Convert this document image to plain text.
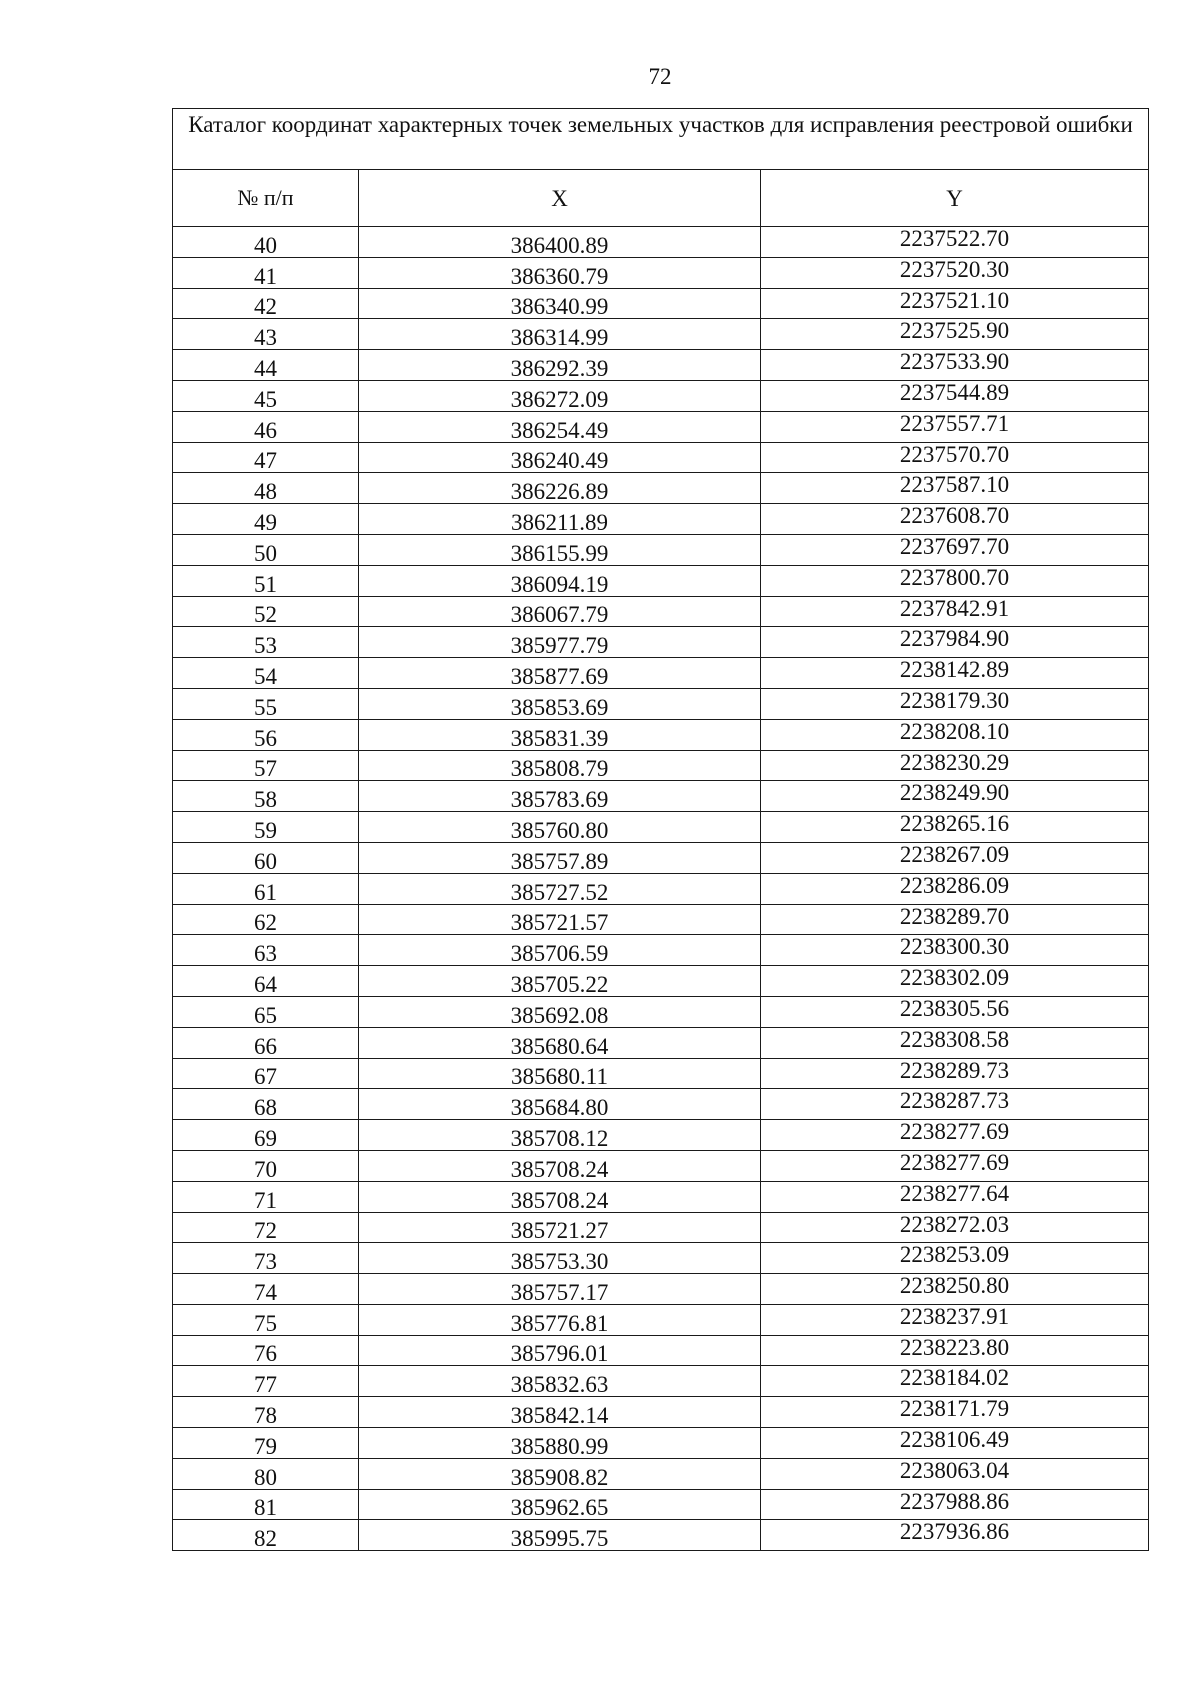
72
Каталог координат характерных точек земельных участков для исправления реестровой ошибки		
№ п/п	X	Y
40	386400.89	2237522.70
41	386360.79	2237520.30
42	386340.99	2237521.10
43	386314.99	2237525.90
44	386292.39	2237533.90
45	386272.09	2237544.89
46	386254.49	2237557.71
47	386240.49	2237570.70
48	386226.89	2237587.10
49	386211.89	2237608.70
50	386155.99	2237697.70
51	386094.19	2237800.70
52	386067.79	2237842.91
53	385977.79	2237984.90
54	385877.69	2238142.89
55	385853.69	2238179.30
56	385831.39	2238208.10
57	385808.79	2238230.29
58	385783.69	2238249.90
59	385760.80	2238265.16
60	385757.89	2238267.09
61	385727.52	2238286.09
62	385721.57	2238289.70
63	385706.59	2238300.30
64	385705.22	2238302.09
65	385692.08	2238305.56
66	385680.64	2238308.58
67	385680.11	2238289.73
68	385684.80	2238287.73
69	385708.12	2238277.69
70	385708.24	2238277.69
71	385708.24	2238277.64
72	385721.27	2238272.03
73	385753.30	2238253.09
74	385757.17	2238250.80
75	385776.81	2238237.91
76	385796.01	2238223.80
77	385832.63	2238184.02
78	385842.14	2238171.79
79	385880.99	2238106.49
80	385908.82	2238063.04
81	385962.65	2237988.86
82	385995.75	2237936.86
